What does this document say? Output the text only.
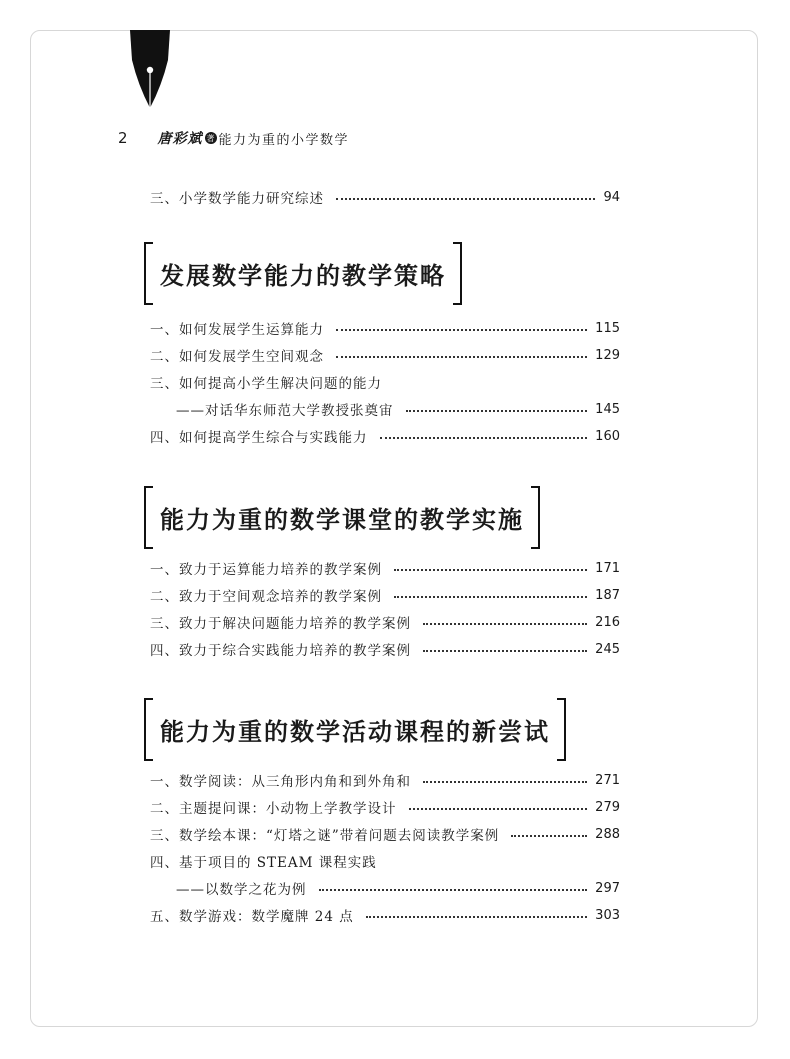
2 唐彩斌 著 能力为重的小学数学
三、小学数学能力研究综述	94
发展数学能力的教学策略
一、如何发展学生运算能力	115
二、如何发展学生空间观念	129
三、如何提高小学生解决问题的能力
——对话华东师范大学教授张奠宙	145
四、如何提高学生综合与实践能力	160
能力为重的数学课堂的教学实施
一、致力于运算能力培养的教学案例	171
二、致力于空间观念培养的教学案例	187
三、致力于解决问题能力培养的教学案例	216
四、致力于综合实践能力培养的教学案例	245
能力为重的数学活动课程的新尝试
一、数学阅读：从三角形内角和到外角和	271
二、主题提问课：小动物上学教学设计	279
三、数学绘本课：“灯塔之谜”带着问题去阅读教学案例	288
四、基于项目的 STEAM 课程实践
——以数学之花为例	297
五、数学游戏：数学魔牌 24 点	303
